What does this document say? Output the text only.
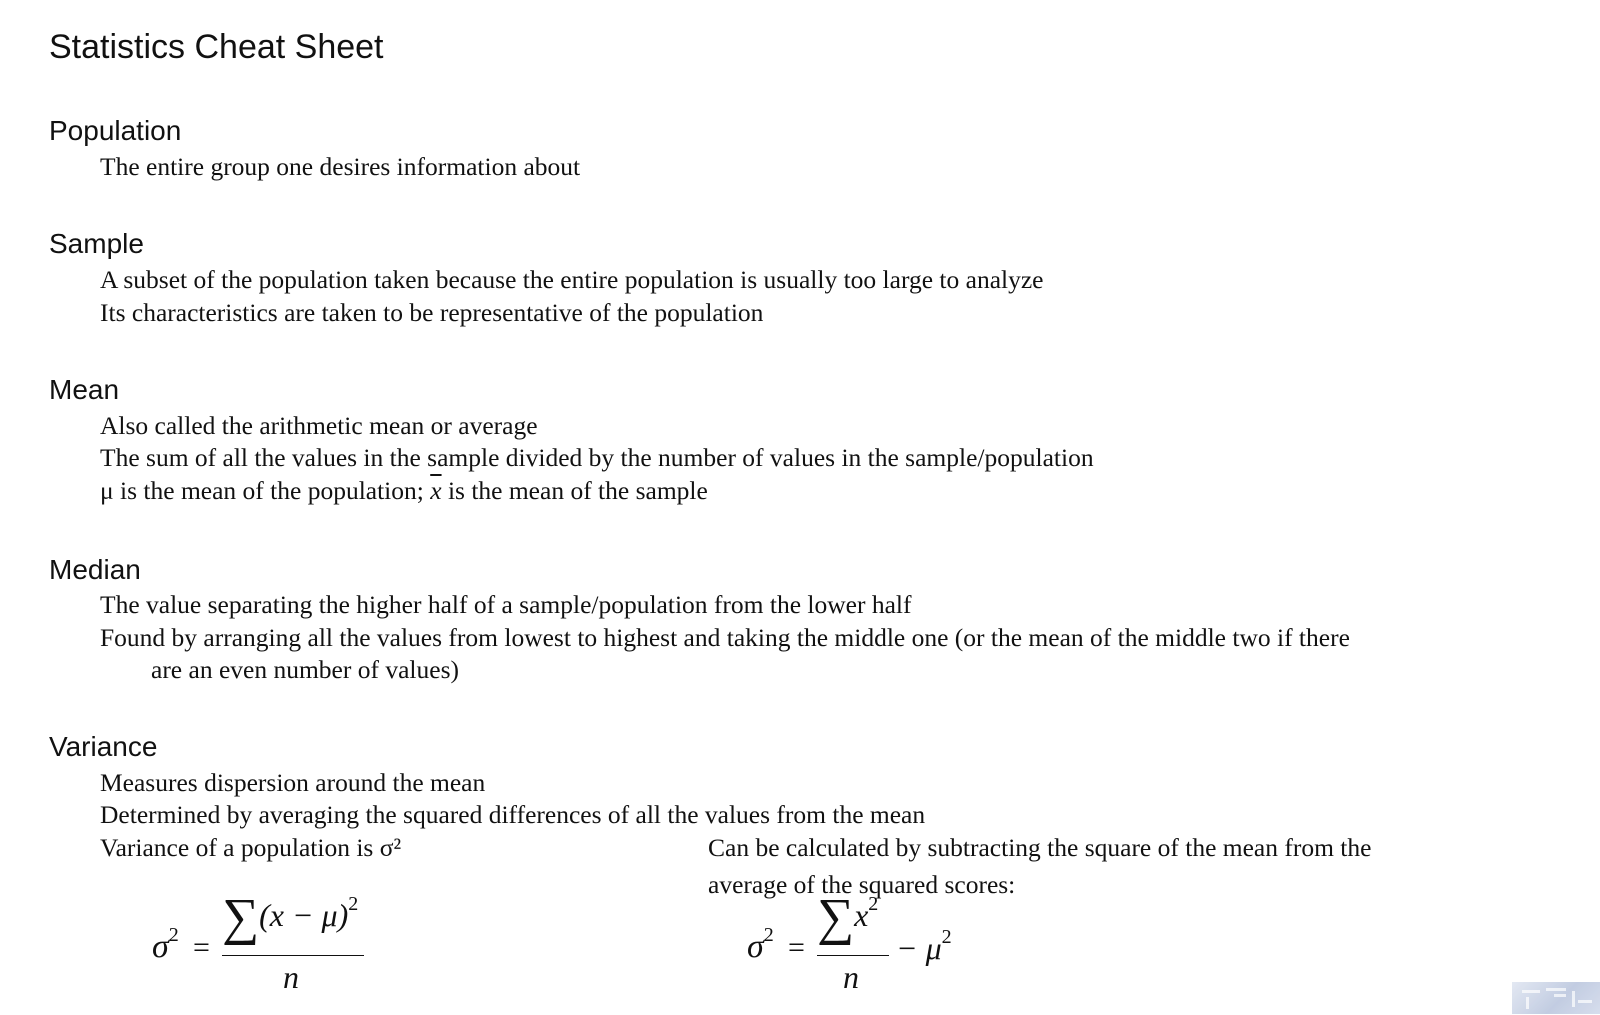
Statistics Cheat Sheet
Population
The entire group one desires information about
Sample
A subset of the population taken because the entire population is usually too large to analyze
Its characteristics are taken to be representative of the population
Mean
Also called the arithmetic mean or average
The sum of all the values in the sample divided by the number of values in the sample/population
μ is the mean of the population; $\overline{x}$ is the mean of the sample
Median
The value separating the higher half of a sample/population from the lower half
Found by arranging all the values from lowest to highest and taking the middle one (or the mean of the middle two if there
are an even number of values)
Variance
Measures dispersion around the mean
Determined by averaging the squared differences of all the values from the mean
Variance of a population is σ²	Can be calculated by subtracting the square of the mean from the
average of the squared scores:
$\sigma^2$ =
$\sum(x - \mu)^2$
n
$\sigma^2$ =
$\sum x^2$
n
− $\mu^2$
